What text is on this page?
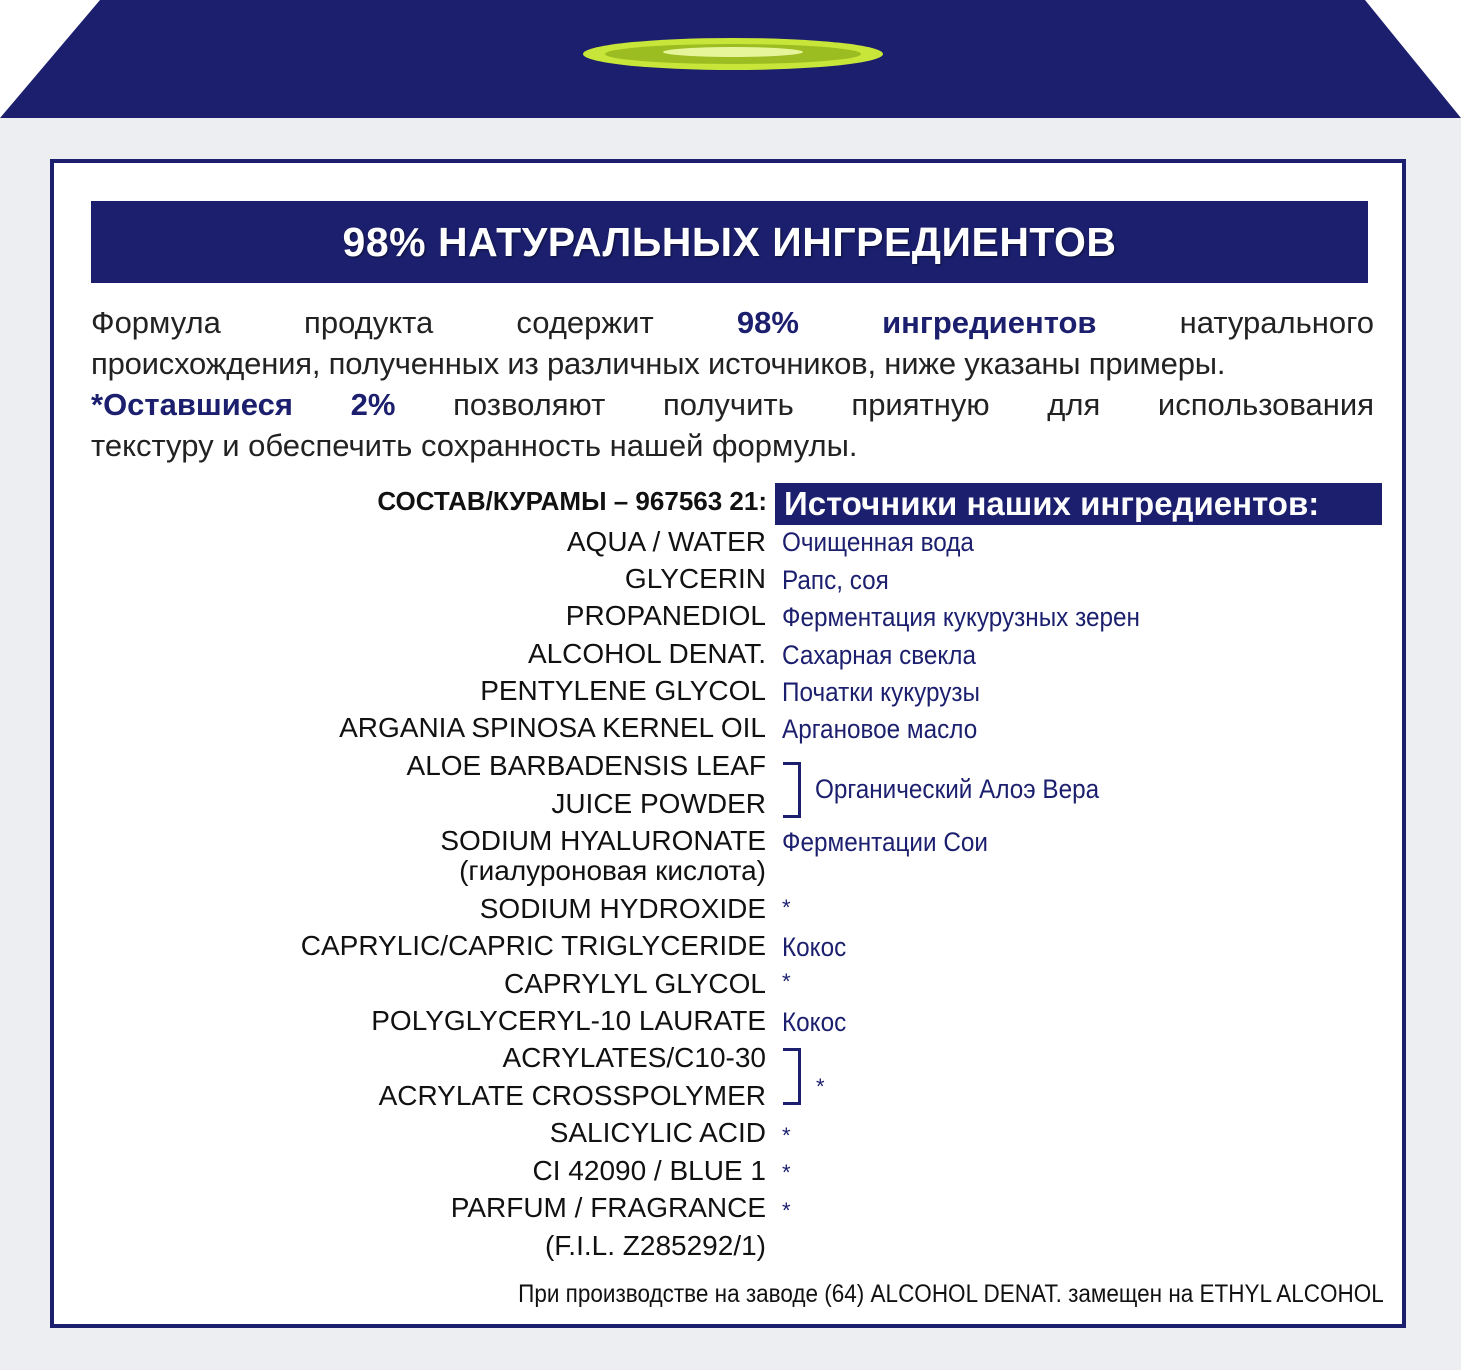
98% НАТУРАЛЬНЫХ ИНГРЕДИЕНТОВ
Формула продукта содержит 98% ингредиентов натурального
происхождения, полученных из различных источников, ниже указаны примеры.
*Оставшиеся 2% позволяют получить приятную для использования
текстуру и обеспечить сохранность нашей формулы.
СОСТАВ/КУРАМЫ – 967563 21: Источники наших ингредиентов:
AQUA / WATER Очищенная вода
GLYCERIN Рапс, соя
PROPANEDIOL Ферментация кукурузных зерен
ALCOHOL DENAT. Сахарная свекла
PENTYLENE GLYCOL Початки кукурузы
ARGANIA SPINOSA KERNEL OIL Аргановое масло
ALOE BARBADENSIS LEAF
JUICE POWDER Органический Алоэ Вера
SODIUM HYALURONATE
(гиалуроновая кислота)
Ферментации Сои
SODIUM HYDROXIDE *
CAPRYLIC/CAPRIC TRIGLYCERIDE Кокос
CAPRYLYL GLYCOL *
POLYGLYCERYL-10 LAURATE Кокос
ACRYLATES/C10-30
ACRYLATE CROSSPOLYMER *
SALICYLIC ACID *
CI 42090 / BLUE 1 *
PARFUM / FRAGRANCE *
(F.I.L. Z285292/1)
При производстве на заводе (64) ALCOHOL DENAT. замещен на ETHYL ALCOHOL
